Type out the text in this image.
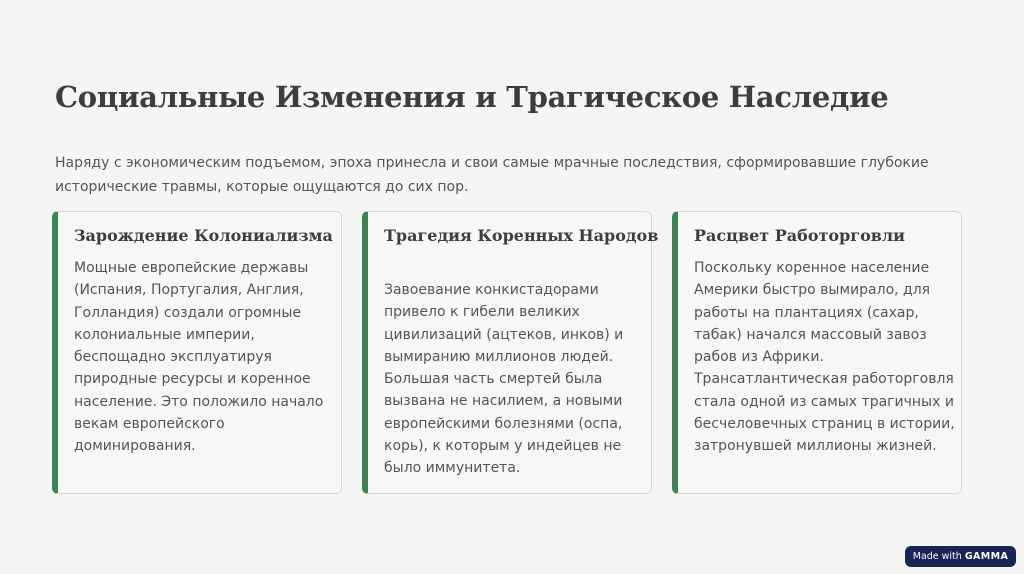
Социальные Изменения и Трагическое Наследие

Наряду с экономическим подъемом, эпоха принесла и свои самые мрачные последствия, сформировавшие глубокие исторические травмы, которые ощущаются до сих пор.

Зарождение Колониализма

Мощные европейские державы (Испания, Португалия, Англия, Голландия) создали огромные колониальные империи, беспощадно эксплуатируя природные ресурсы и коренное население. Это положило начало векам европейского доминирования.

Трагедия Коренных Народов

Завоевание конкистадорами привело к гибели великих цивилизаций (ацтеков, инков) и вымиранию миллионов людей. Большая часть смертей была вызвана не насилием, а новыми европейскими болезнями (оспа, корь), к которым у индейцев не было иммунитета.

Расцвет Работорговли

Поскольку коренное население Америки быстро вымирало, для работы на плантациях (сахар, табак) начался массовый завоз рабов из Африки. Трансатлантическая работорговля стала одной из самых трагичных и бесчеловечных страниц в истории, затронувшей миллионы жизней.

Made with GAMMA
